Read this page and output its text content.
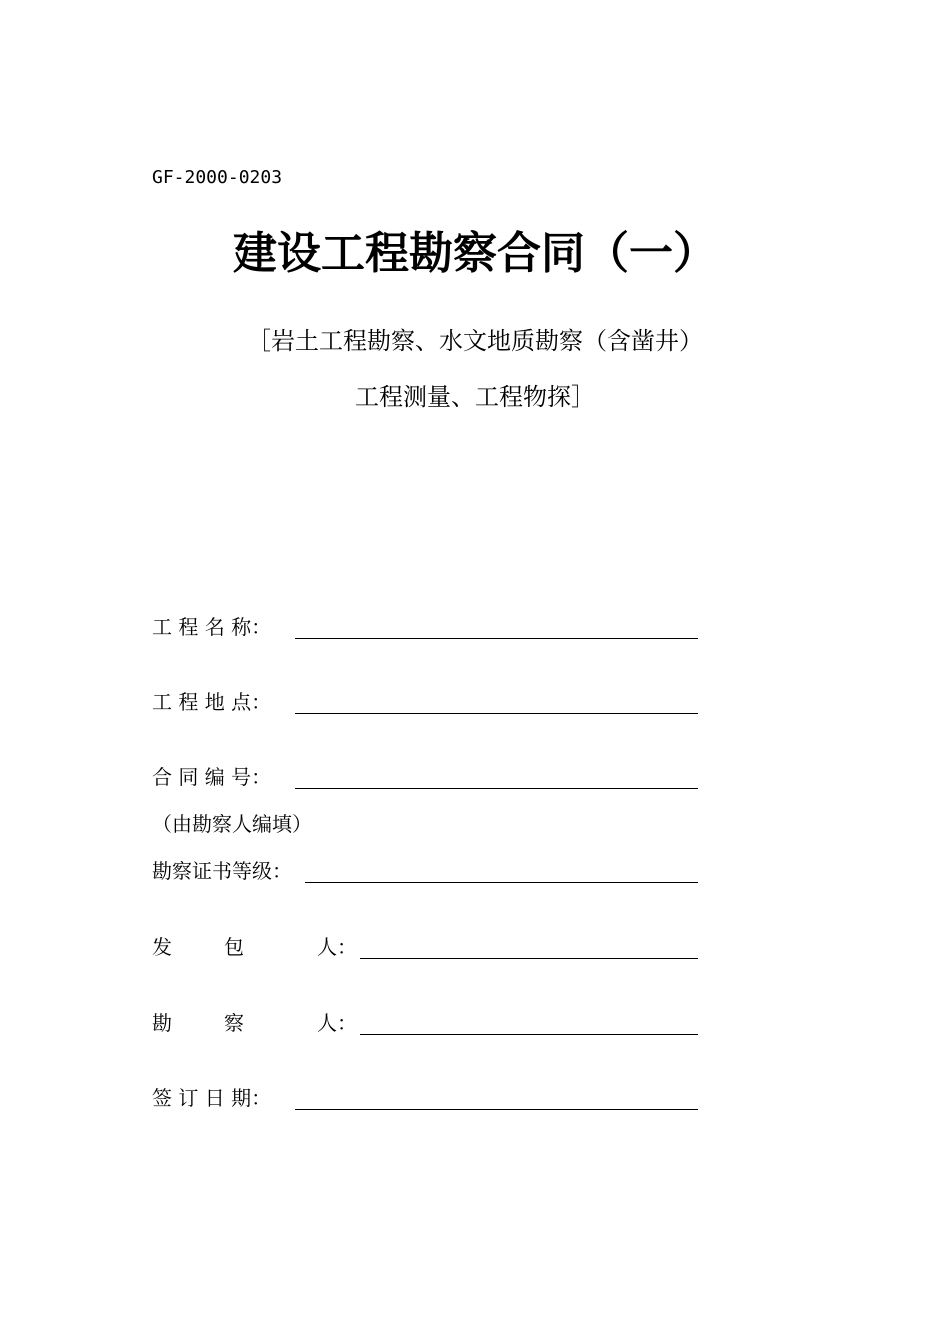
GF-2000-0203
建设工程勘察合同（一）
［岩土工程勘察、水文地质勘察（含凿井）
工程测量、工程物探］
工 程 名 称：
工 程 地 点：
合 同 编 号：
（由勘察人编填）
勘察证书等级：
发	包	人：
勘	察	人：
签 订 日 期：
